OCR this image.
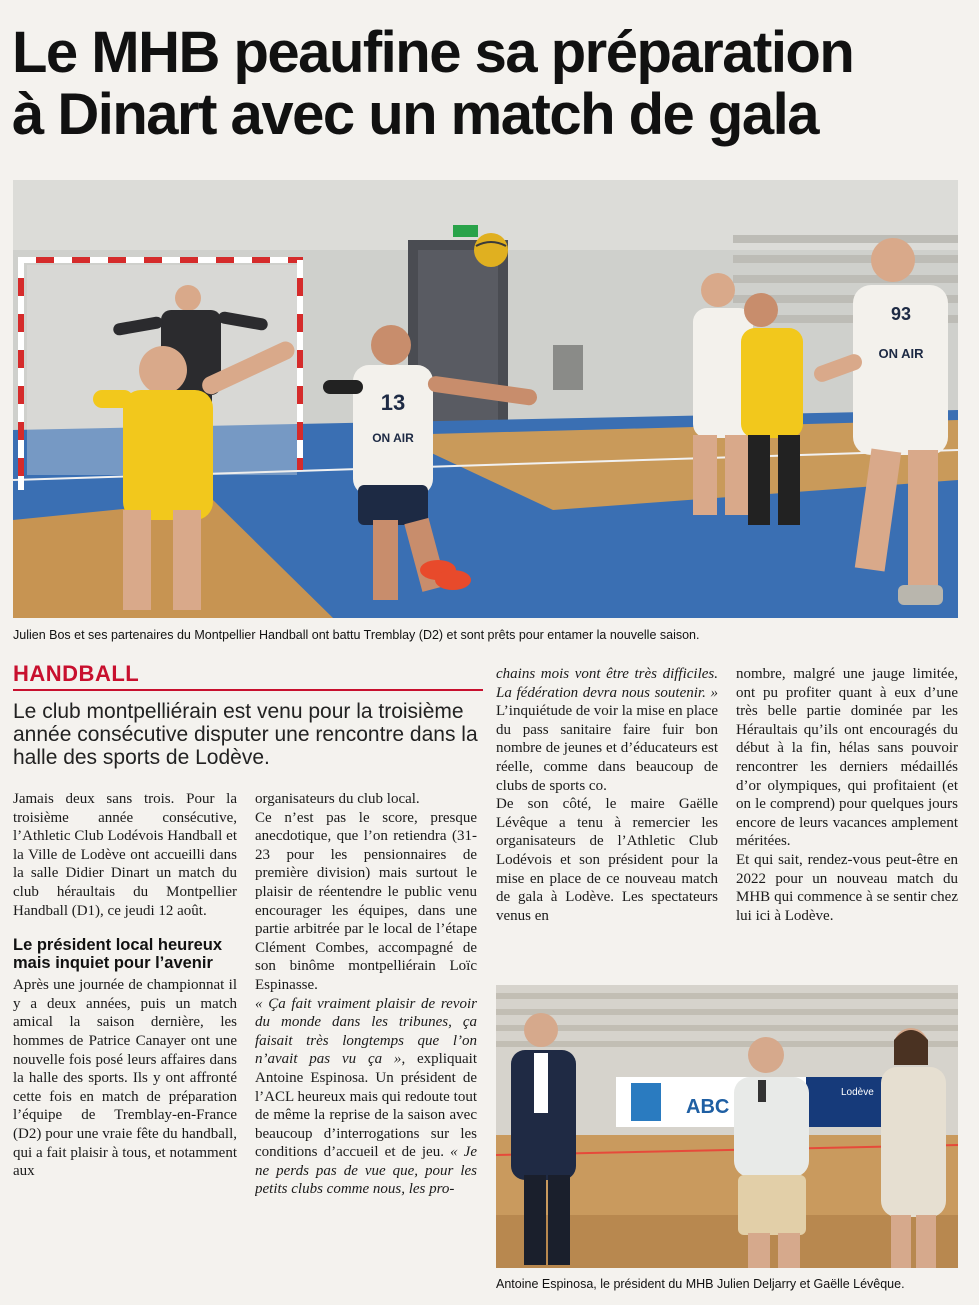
Le MHB peaufine sa préparation
à Dinart avec un match de gala
13
ON AIR
93
ON AIR

Julien Bos et ses partenaires du Montpellier Handball ont battu Tremblay (D2) et sont prêts pour entamer la nouvelle saison.

HANDBALL

Le club montpelliérain est venu pour la troisième année consécutive disputer une rencontre dans la halle des sports de Lodève.

Jamais deux sans trois. Pour la troisième année consécutive, l’Athletic Club Lodévois Handball et la Ville de Lodève ont accueilli dans la salle Didier Dinart un match du club héraultais du Montpellier Handball (D1), ce jeudi 12 août.

Le président local heureux mais inquiet pour l’avenir

Après une journée de championnat il y a deux années, puis un match amical la saison dernière, les hommes de Patrice Canayer ont une nouvelle fois posé leurs affaires dans la halle des sports. Ils y ont affronté cette fois en match de préparation l’équipe de Tremblay-en-France (D2) pour une vraie fête du handball, qui a fait plaisir à tous, et notamment aux

organisateurs du club local.

Ce n’est pas le score, presque anecdotique, que l’on retiendra (31-23 pour les pensionnaires de première division) mais surtout le plaisir de réentendre le public venu encourager les équipes, dans une partie arbitrée par le local de l’étape Clément Combes, accompagné de son binôme montpelliérain Loïc Espinasse.

« Ça fait vraiment plaisir de revoir du monde dans les tribunes, ça faisait très longtemps que l’on n’avait pas vu ça », expliquait Antoine Espinosa. Un président de l’ACL heureux mais qui redoute tout de même la reprise de la saison avec beaucoup d’interrogations sur les conditions d’accueil et de jeu. « Je ne perds pas de vue que, pour les petits clubs comme nous, les pro-

chains mois vont être très difficiles. La fédération devra nous soutenir. » L’inquiétude de voir la mise en place du pass sanitaire faire fuir bon nombre de jeunes et d’éducateurs est réelle, comme dans beaucoup de clubs de sports co.

De son côté, le maire Gaëlle Lévêque a tenu à remercier les organisateurs de l’Athletic Club Lodévois et son président pour la mise en place de ce nouveau match de gala à Lodève. Les spectateurs venus en

nombre, malgré une jauge limitée, ont pu profiter quant à eux d’une très belle partie dominée par les Héraultais qu’ils ont encouragés du début à la fin, hélas sans pouvoir rencontrer les derniers médaillés d’or olympiques, qui profitaient (et on le comprend) pour quelques jours encore de leurs vacances amplement méritées.

Et qui sait, rendez-vous peut-être en 2022 pour un nouveau match du MHB qui commence à se sentir chez lui ici à Lodève.

ABC
Lodève

Antoine Espinosa, le président du MHB Julien Deljarry et Gaëlle Lévêque.
